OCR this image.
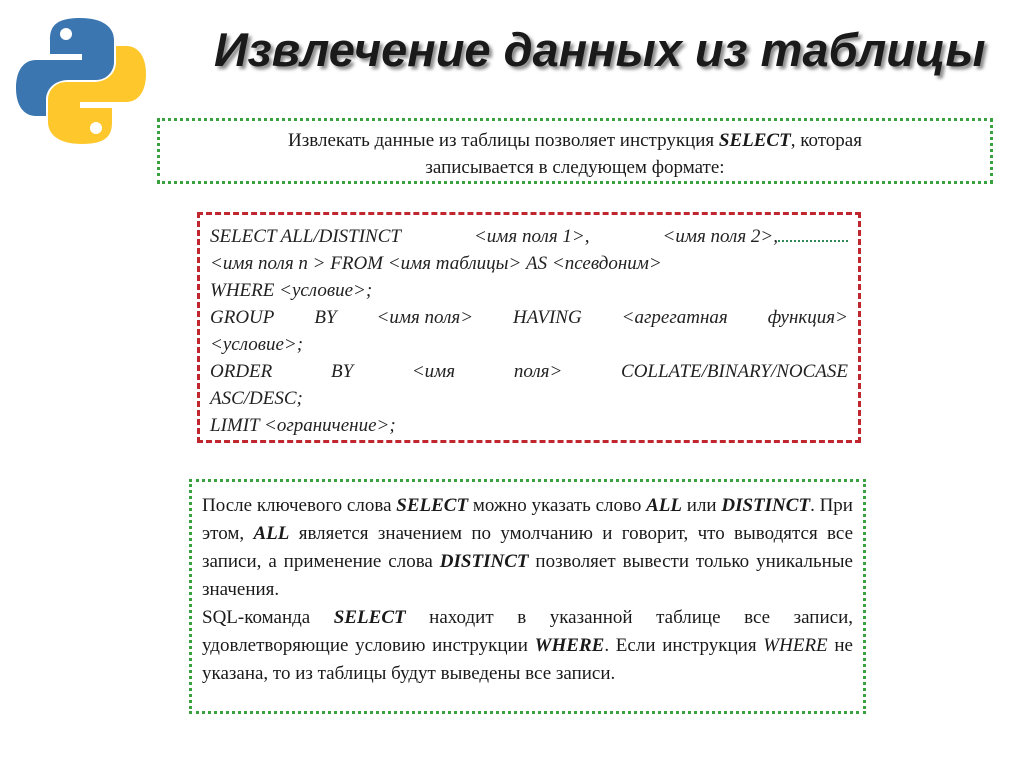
Извлечение данных из таблицы
Извлекать данные из таблицы позволяет инструкция SELECT, которая
записывается в следующем формате:
SELECT ALL/DISTINCT	<имя поля 1>,	<имя поля 2>,
<имя поля n > FROM <имя таблицы> AS <псевдоним>
WHERE <условие>;
GROUP BY <имя поля> HAVING <агрегатная функция>
<условие>;
ORDER	BY	<имя	поля>	COLLATE/BINARY/NOCASE
ASC/DESC;
LIMIT <ограничение>;

После ключевого слова SELECT можно указать слово ALL или DISTINCT. При этом, ALL является значением по умолчанию и говорит, что выводятся все записи, а применение слова DISTINCT позволяет вывести только уникальные значения.

SQL-команда SELECT находит в указанной таблице все записи, удовлетворяющие условию инструкции WHERE. Если инструкция WHERE не указана, то из таблицы будут выведены все записи.
